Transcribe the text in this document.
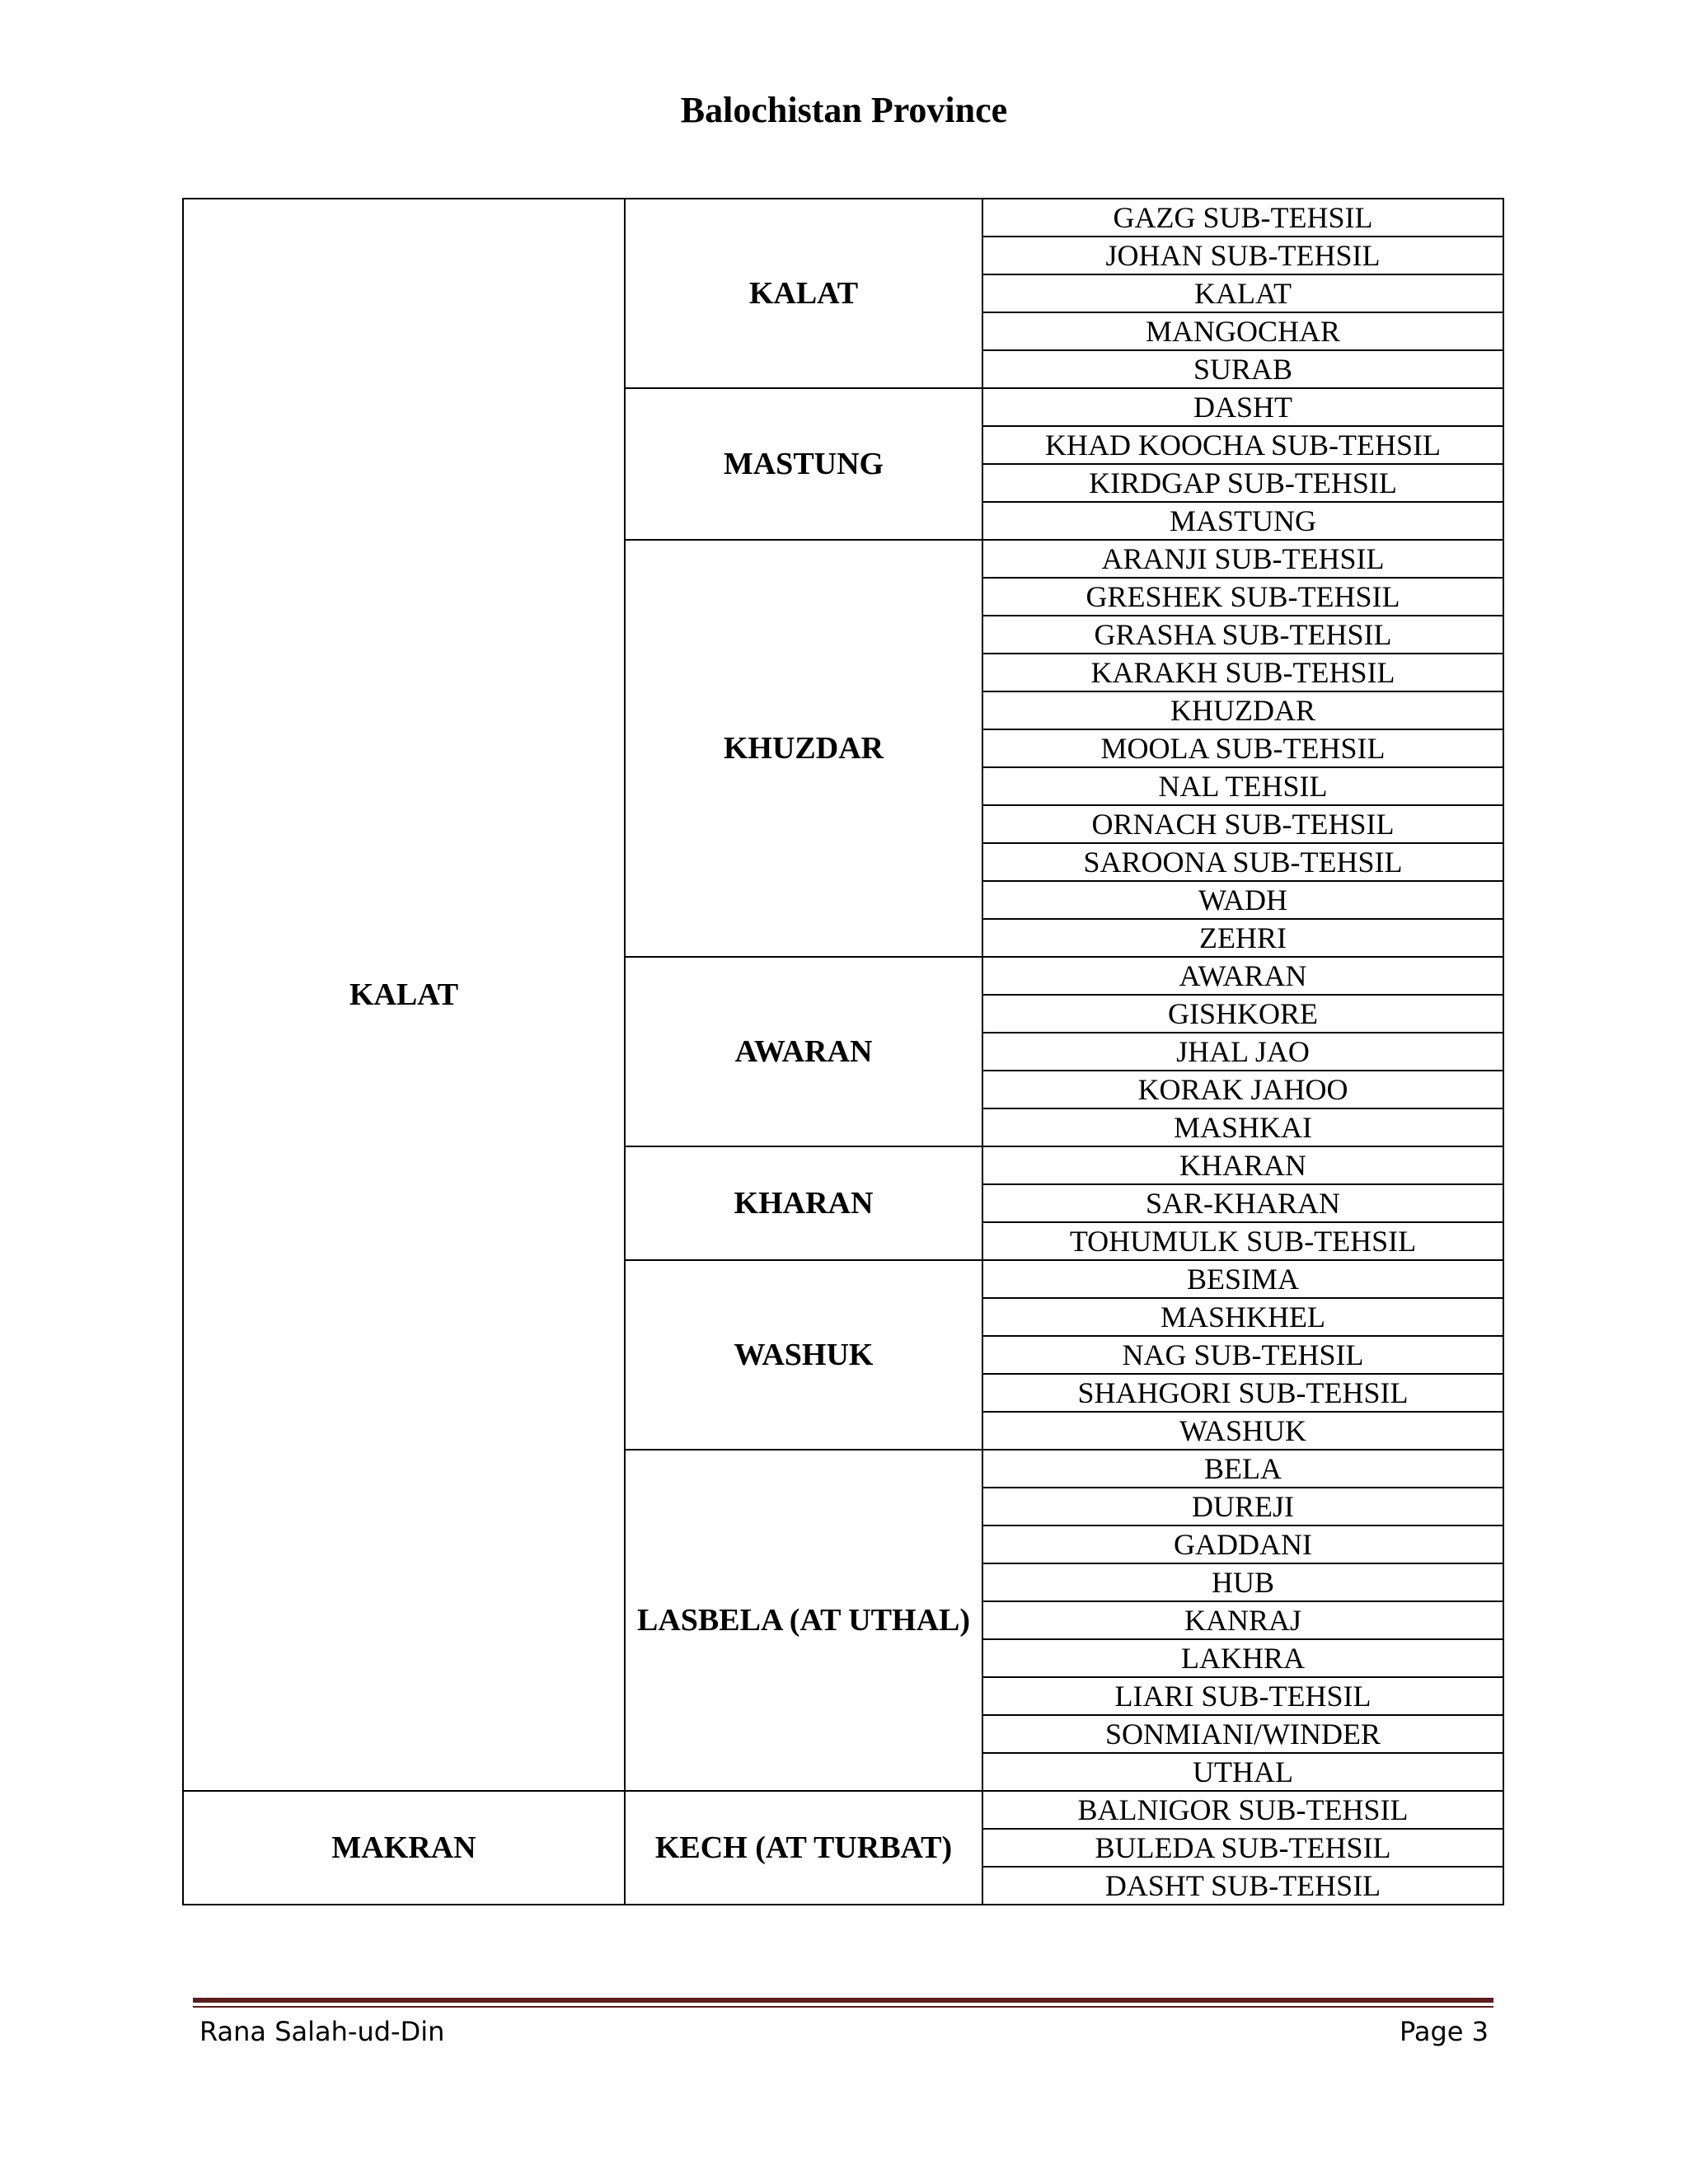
Balochistan Province
KALAT	KALAT	GAZG SUB-TEHSIL
		JOHAN SUB-TEHSIL
		KALAT
		MANGOCHAR
		SURAB
	MASTUNG	DASHT
		KHAD KOOCHA SUB-TEHSIL
		KIRDGAP SUB-TEHSIL
		MASTUNG
	KHUZDAR	ARANJI SUB-TEHSIL
		GRESHEK SUB-TEHSIL
		GRASHA SUB-TEHSIL
		KARAKH SUB-TEHSIL
		KHUZDAR
		MOOLA SUB-TEHSIL
		NAL TEHSIL
		ORNACH SUB-TEHSIL
		SAROONA SUB-TEHSIL
		WADH
		ZEHRI
	AWARAN	AWARAN
		GISHKORE
		JHAL JAO
		KORAK JAHOO
		MASHKAI
	KHARAN	KHARAN
		SAR-KHARAN
		TOHUMULK SUB-TEHSIL
	WASHUK	BESIMA
		MASHKHEL
		NAG SUB-TEHSIL
		SHAHGORI SUB-TEHSIL
		WASHUK
	LASBELA (AT UTHAL)	BELA
		DUREJI
		GADDANI
		HUB
		KANRAJ
		LAKHRA
		LIARI SUB-TEHSIL
		SONMIANI/WINDER
		UTHAL
MAKRAN	KECH (AT TURBAT)	BALNIGOR SUB-TEHSIL
		BULEDA SUB-TEHSIL
		DASHT SUB-TEHSIL
Rana Salah-ud-Din	Page 3
